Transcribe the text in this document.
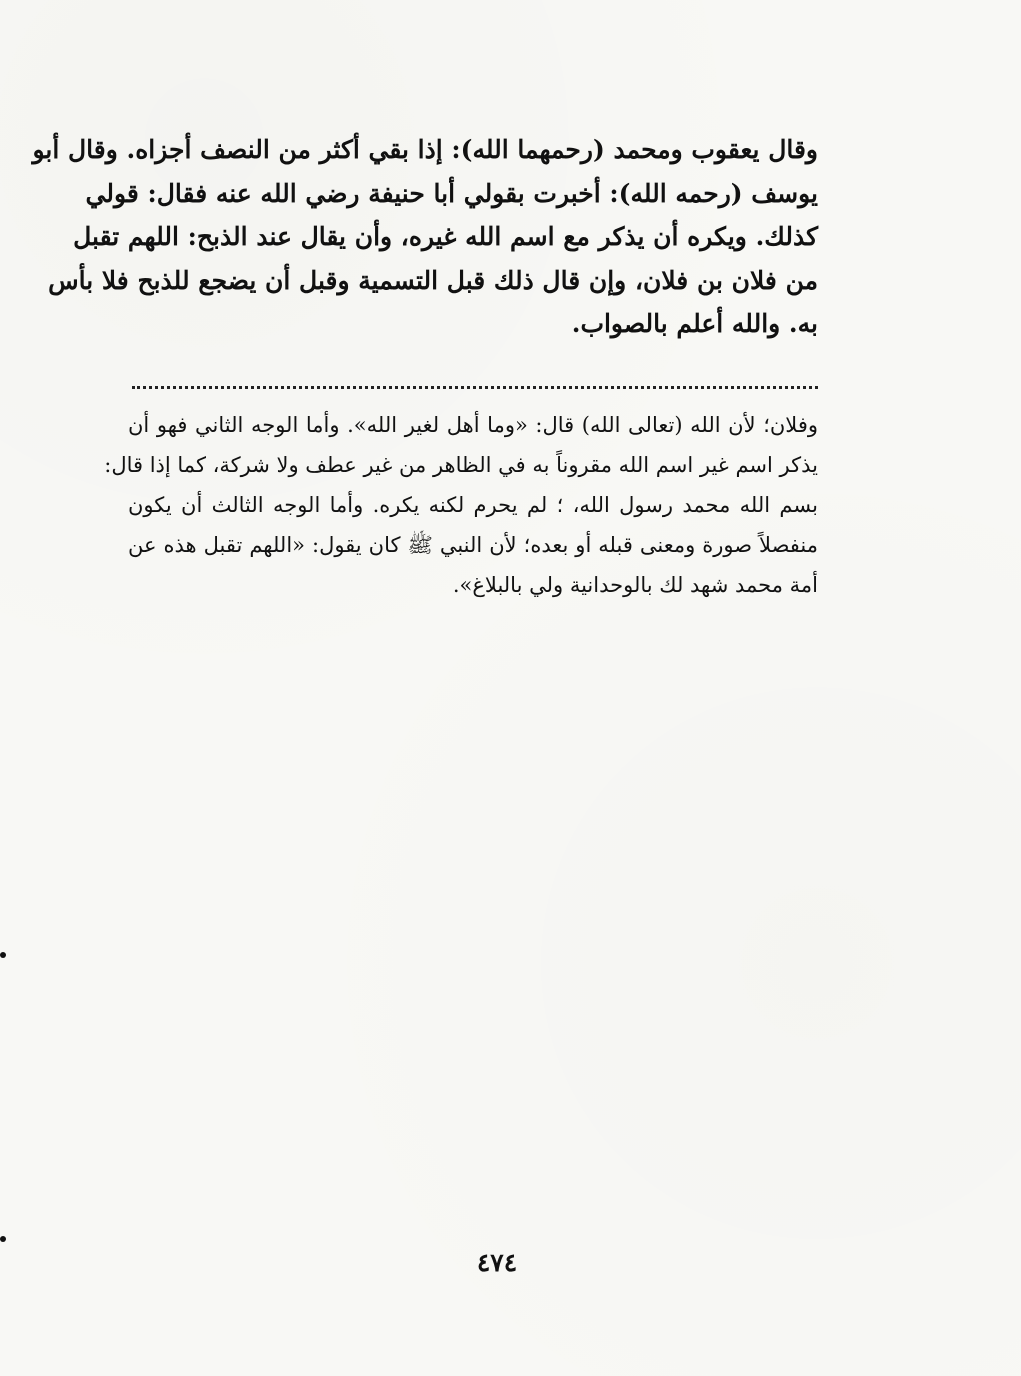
وقال يعقوب ومحمد (رحمهما الله): إذا بقي أكثر من النصف أجزاه. وقال أبو
يوسف (رحمه الله): أخبرت بقولي أبا حنيفة رضي الله عنه فقال: قولي
كذلك. ويكره أن يذكر مع اسم الله غيره، وأن يقال عند الذبح: اللهم تقبل
من فلان بن فلان، وإن قال ذلك قبل التسمية وقبل أن يضجع للذبح فلا بأس
به. والله أعلم بالصواب.
وفلان؛ لأن الله (تعالى الله) قال: «وما أهل لغير الله». وأما الوجه الثاني فهو أن
يذكر اسم غير اسم الله مقروناً به في الظاهر من غير عطف ولا شركة، كما إذا قال:
بسم الله محمد رسول الله، ؛ لم يحرم لكنه يكره. وأما الوجه الثالث أن يكون
منفصلاً صورة ومعنى قبله أو بعده؛ لأن النبي ﷺ كان يقول: «اللهم تقبل هذه عن
أمة محمد شهد لك بالوحدانية ولي بالبلاغ».
٤٧٤
